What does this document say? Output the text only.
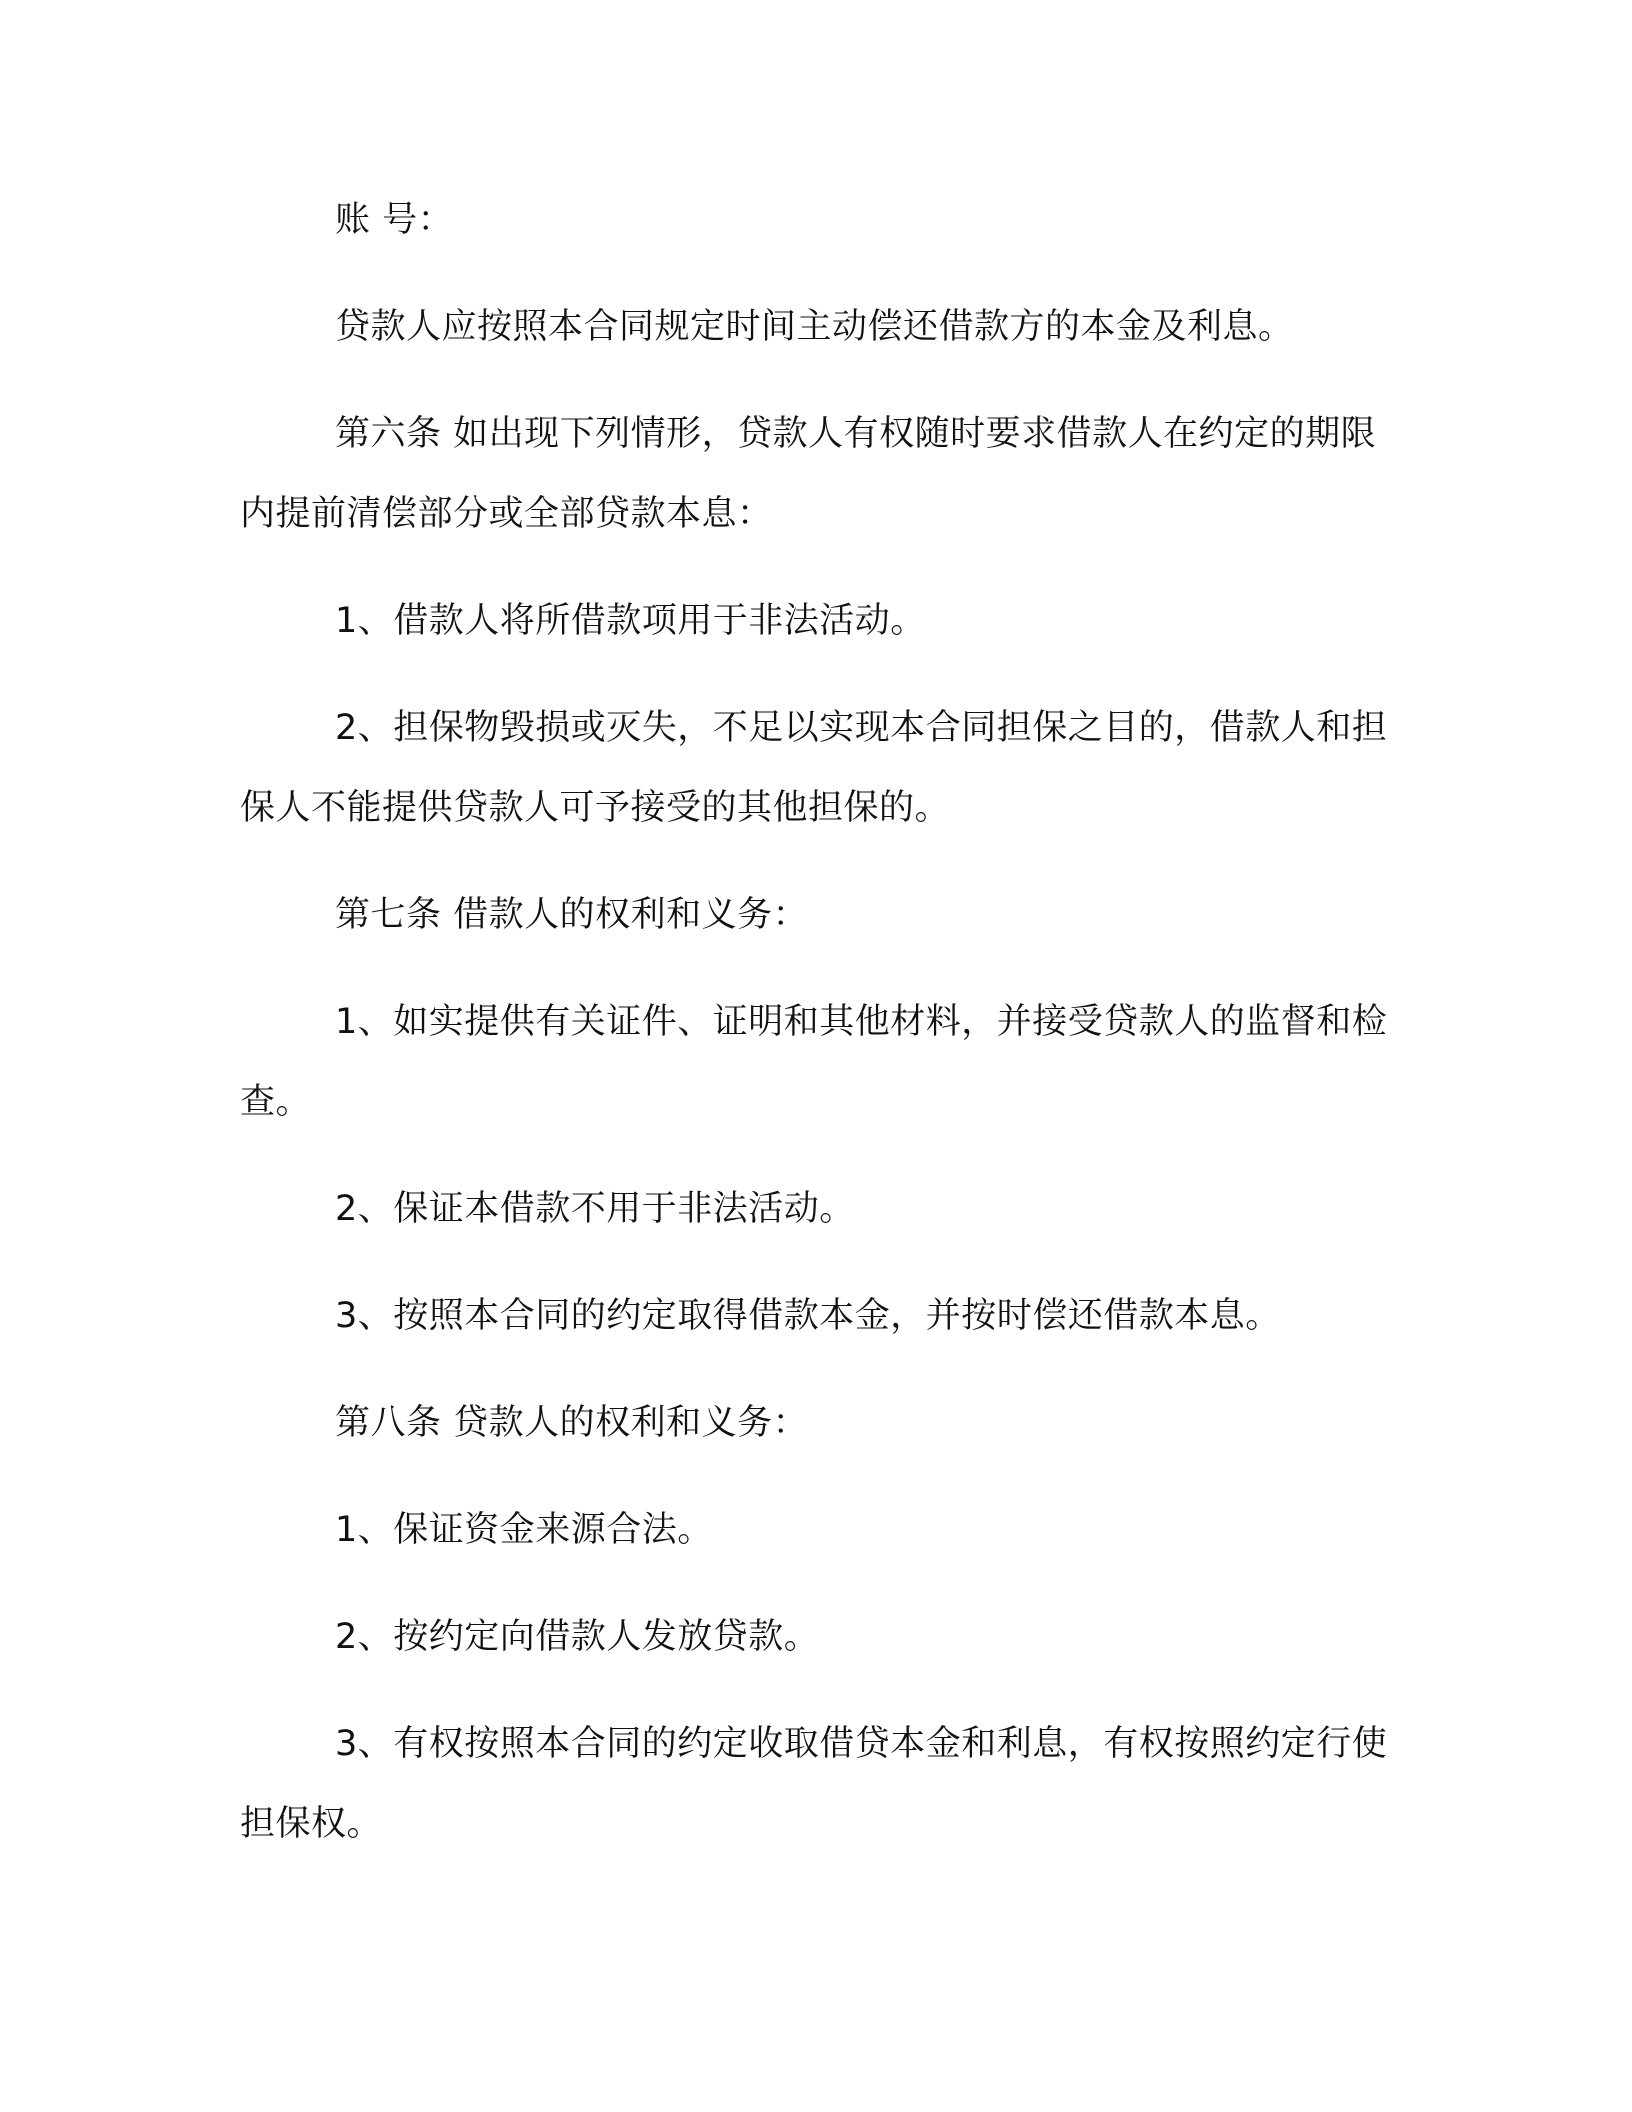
账 号：

贷款人应按照本合同规定时间主动偿还借款方的本金及利息。

第六条 如出现下列情形，贷款人有权随时要求借款人在约定的期限内提前清偿部分或全部贷款本息：

1、借款人将所借款项用于非法活动。

2、担保物毁损或灭失，不足以实现本合同担保之目的，借款人和担保人不能提供贷款人可予接受的其他担保的。

第七条 借款人的权利和义务：

1、如实提供有关证件、证明和其他材料，并接受贷款人的监督和检查。

2、保证本借款不用于非法活动。

3、按照本合同的约定取得借款本金，并按时偿还借款本息。

第八条 贷款人的权利和义务：

1、保证资金来源合法。

2、按约定向借款人发放贷款。

3、有权按照本合同的约定收取借贷本金和利息，有权按照约定行使担保权。
